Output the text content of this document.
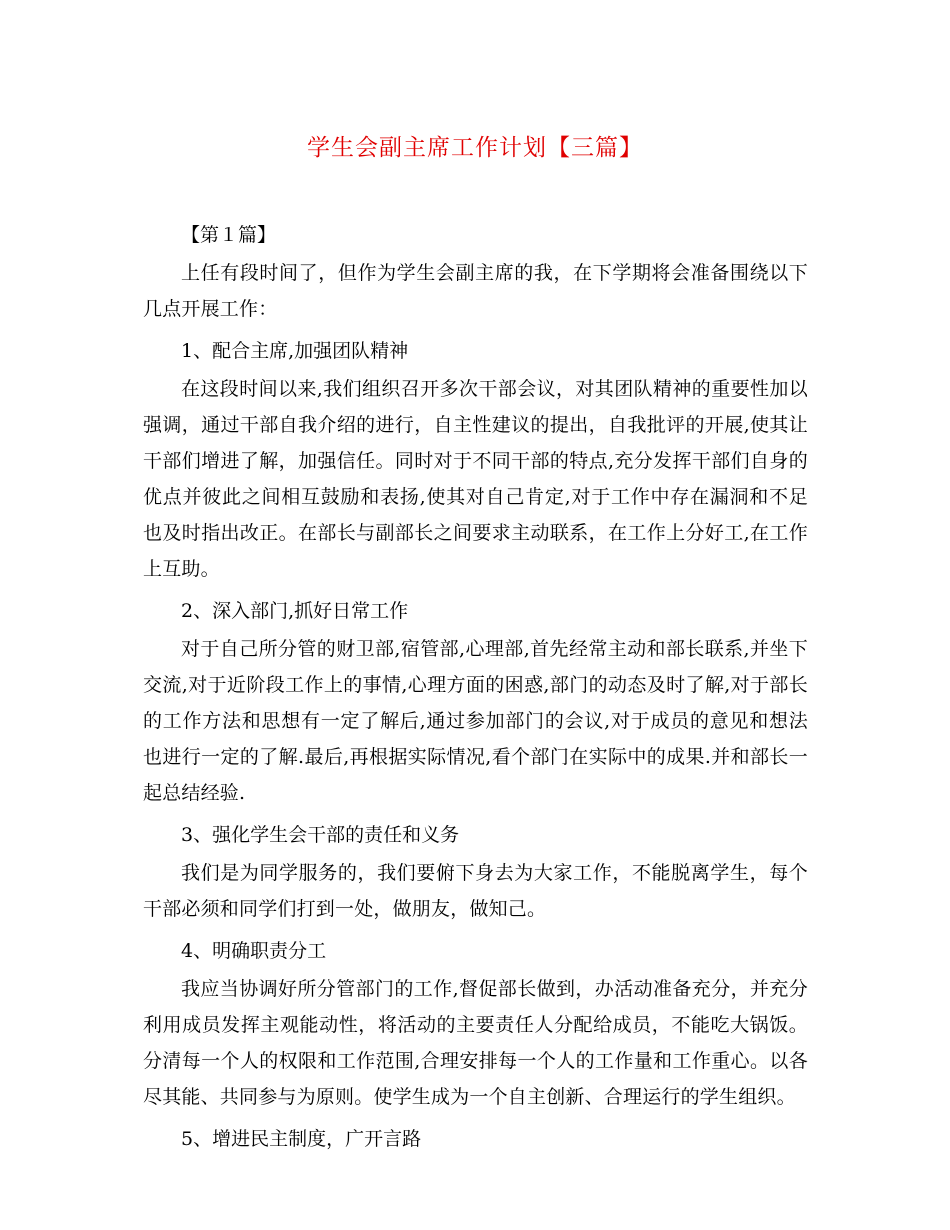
学生会副主席工作计划【三篇】

【第１篇】

上任有段时间了，但作为学生会副主席的我，在下学期将会准备围绕以下几点开展工作：

1、配合主席,加强团队精神

在这段时间以来,我们组织召开多次干部会议，对其团队精神的重要性加以强调，通过干部自我介绍的进行，自主性建议的提出，自我批评的开展,使其让干部们增进了解，加强信任。同时对于不同干部的特点,充分发挥干部们自身的优点并彼此之间相互鼓励和表扬,使其对自己肯定,对于工作中存在漏洞和不足也及时指出改正。在部长与副部长之间要求主动联系，在工作上分好工,在工作上互助。

2、深入部门,抓好日常工作

对于自己所分管的财卫部,宿管部,心理部,首先经常主动和部长联系,并坐下交流,对于近阶段工作上的事情,心理方面的困惑,部门的动态及时了解,对于部长的工作方法和思想有一定了解后,通过参加部门的会议,对于成员的意见和想法也进行一定的了解.最后,再根据实际情况,看个部门在实际中的成果.并和部长一起总结经验.

3、强化学生会干部的责任和义务

我们是为同学服务的，我们要俯下身去为大家工作，不能脱离学生，每个干部必须和同学们打到一处，做朋友，做知己。

4、明确职责分工

我应当协调好所分管部门的工作,督促部长做到，办活动准备充分，并充分利用成员发挥主观能动性，将活动的主要责任人分配给成员，不能吃大锅饭。分清每一个人的权限和工作范围,合理安排每一个人的工作量和工作重心。以各尽其能、共同参与为原则。使学生成为一个自主创新、合理运行的学生组织。

5、增进民主制度，广开言路
